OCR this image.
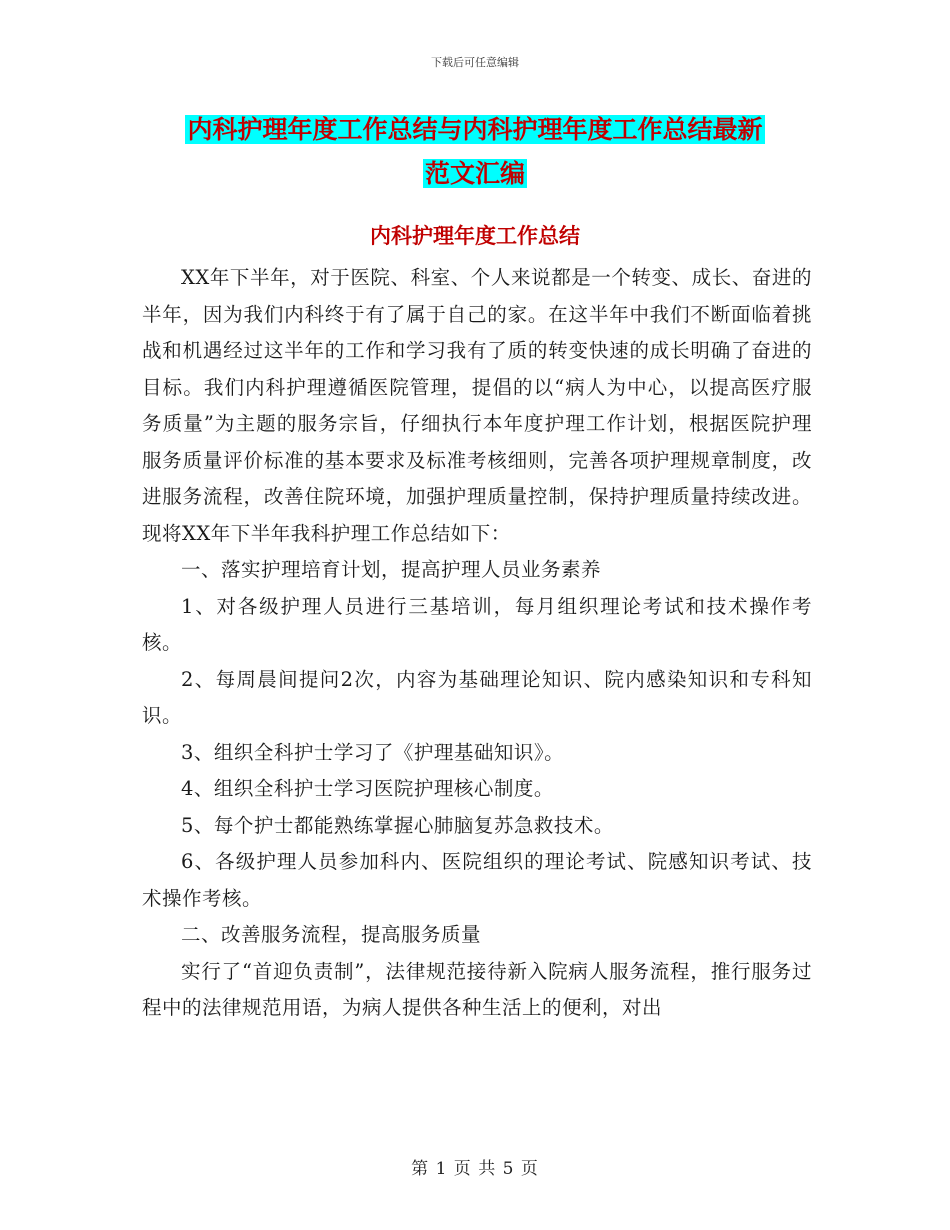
下载后可任意编辑
内科护理年度工作总结与内科护理年度工作总结最新
范文汇编
内科护理年度工作总结

XX年下半年，对于医院、科室、个人来说都是一个转变、成长、奋进的半年，因为我们内科终于有了属于自己的家。在这半年中我们不断面临着挑战和机遇经过这半年的工作和学习我有了质的转变快速的成长明确了奋进的目标。我们内科护理遵循医院管理，提倡的以“病人为中心，以提高医疗服务质量”为主题的服务宗旨，仔细执行本年度护理工作计划，根据医院护理服务质量评价标准的基本要求及标准考核细则，完善各项护理规章制度，改进服务流程，改善住院环境，加强护理质量控制，保持护理质量持续改进。现将XX年下半年我科护理工作总结如下：

一、落实护理培育计划，提高护理人员业务素养

1、对各级护理人员进行三基培训，每月组织理论考试和技术操作考核。

2、每周晨间提问2次，内容为基础理论知识、院内感染知识和专科知识。

3、组织全科护士学习了《护理基础知识》。

4、组织全科护士学习医院护理核心制度。

5、每个护士都能熟练掌握心肺脑复苏急救技术。

6、各级护理人员参加科内、医院组织的理论考试、院感知识考试、技术操作考核。

二、改善服务流程，提高服务质量

实行了“首迎负责制”，法律规范接待新入院病人服务流程，推行服务过程中的法律规范用语，为病人提供各种生活上的便利，对出

第 1 页 共 5 页
